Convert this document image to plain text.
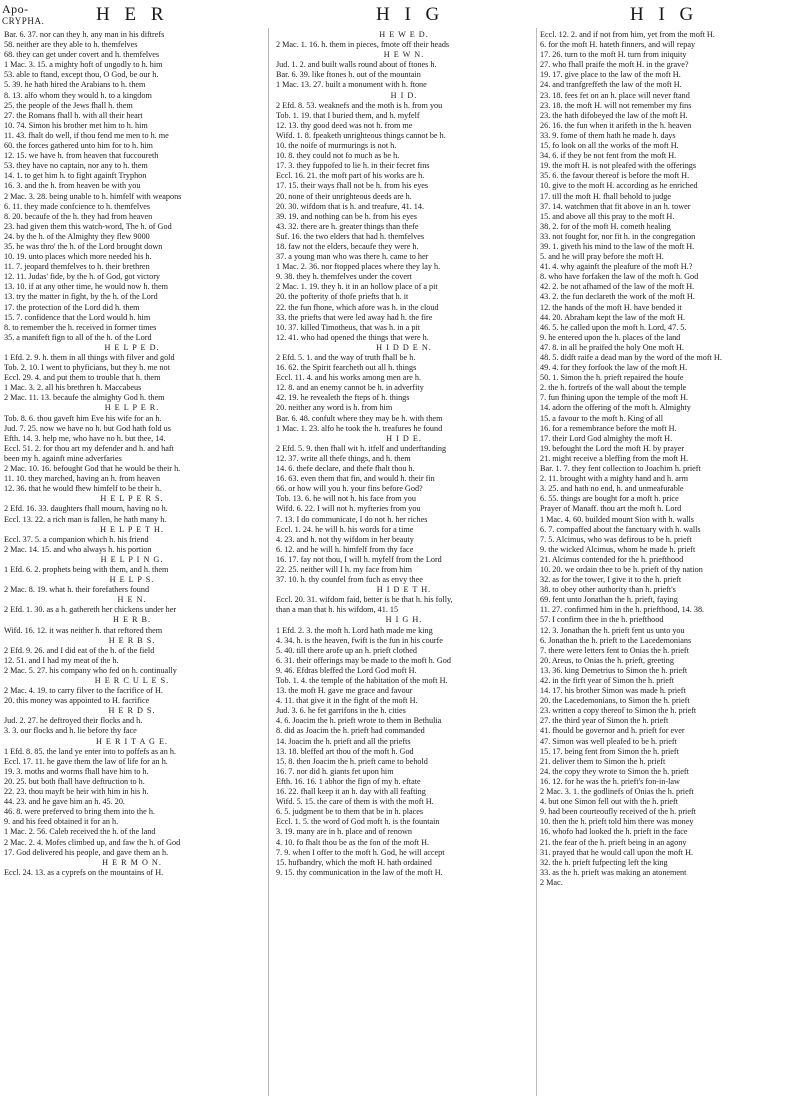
Apo-
CRYPHA.	H E R	H I G	H I G

Bar. 6. 37. nor can they h. any man in his diftrefs

58. neither are they able to h. themfelves

68. they can get under covert and h. themfelves

1 Mac. 3. 15. a mighty hoft of ungodly to h. him

53. able to ftand, except thou, O God, be our h.

5. 39. he hath hired the Arabians to h. them

8. 13. alfo whom they would h. to a kingdom

25. the people of the Jews fhall h. them

27. the Romans fhall h. with all their heart

10. 74. Simon his brother met him to h. him

11. 43. fhalt do well, if thou fend me men to h. me

60. the forces gathered unto him for to h. him

12. 15. we have h. from heaven that fuccoureth

53. they have no captain, nor any to h. them

14. 1. to get him h. to fight againft Tryphon

16. 3. and the h. from heaven be with you

2 Mac. 3. 28. being unable to h. himfelf with weapons

6. 11. they made confcience to h. themfelves

8. 20. becaufe of the h. they had from heaven

23. had given them this watch-word, The h. of God

24. by the h. of the Almighty they flew 9000

35. he was thro' the h. of the Lord brought down

10. 19. unto places which more needed his h.

11. 7. jeopard themfelves to h. their brethren

12. 11. Judas' fide, by the h. of God, got victory

13. 10. if at any other time, he would now h. them

13. try the matter in fight, by the h. of the Lord

17. the protection of the Lord did h. them

15. 7. confidence that the Lord would h. him

8. to remember the h. received in former times

35. a manifeft fign to all of the h. of the Lord

H E L P E D.

1 Efd. 2. 9. h. them in all things with filver and gold

Tob. 2. 10. I went to phyficians, but they h. me not

Eccl. 29. 4. and put them to trouble that h. them

1 Mac. 3. 2. all his brethren h. Maccabeus

2 Mac. 11. 13. becaufe the almighty God h. them

H E L P E R.

Tob. 8. 6. thou gaveft him Eve his wife for an h.

Jud. 7. 25. now we have no h. but God hath fold us

Efth. 14. 3. help me, who have no h. but thee, 14.

Eccl. 51. 2. for thou art my defender and h. and haft

been my h. againft mine adverfaries

2 Mac. 10. 16. befought God that he would be their h.

11. 10. they marched, having an h. from heaven

12. 36. that he would fhew himfelf to be their h.

H E L P E R S.

2 Efd. 16. 33. daughters fhall mourn, having no h.

Eccl. 13. 22. a rich man is fallen, he hath many h.

H E L P E T H.

Eccl. 37. 5. a companion which h. his friend

2 Mac. 14. 15. and who always h. his portion

H E L P I N G.

1 Efd. 6. 2. prophets being with them, and h. them

H E L P S.

2 Mac. 8. 19. what h. their forefathers found

H E N.

2 Efd. 1. 30. as a h. gathereth her chickens under her

H E R B.

Wifd. 16. 12. it was neither h. that reftored them

H E R B S.

2 Efd. 9. 26. and I did eat of the h. of the field

12. 51. and I had my meat of the h.

2 Mac. 5. 27. his company who fed on h. continually

H E R C U L E S.

2 Mac. 4. 19. to carry filver to the facrifice of H.

20. this money was appointed to H. facrifice

H E R D S.

Jud. 2. 27. he deftroyed their flocks and h.

3. 3. our flocks and h. lie before thy face

H E R I T A G E.

1 Efd. 8. 85. the land ye enter into to poffefs as an h.

Eccl. 17. 11. he gave them the law of life for an h.

19. 3. moths and worms fhall have him to h.

20. 25. but both fhall have deftruction to h.

22. 23. thou mayft be heir with him in his h.

44. 23. and he gave him an h. 45. 20.

46. 8. were preferved to bring them into the h.

9. and his feed obtained it for an h.

1 Mac. 2. 56. Caleb received the h. of the land

2 Mac. 2. 4. Mofes climbed up, and faw the h. of God

17. God delivered his people, and gave them an h.

H E R M O N.

Eccl. 24. 13. as a cyprefs on the mountains of H.

H E W E D.

2 Mac. 1. 16. h. them in pieces, fmote off their heads

H E W N.

Jud. 1. 2. and built walls round about of ftones h.

Bar. 6. 39. like ftones h. out of the mountain

1 Mac. 13. 27. built a monument with h. ftone

H I D.

2 Efd. 8. 53. weaknefs and the moth is h. from you

Tob. 1. 19. that I buried them, and h. myfelf

12. 13. thy good deed was not h. from me

Wifd. 1. 8. fpeaketh unrighteous things cannot be h.

10. the noife of murmurings is not h.

10. 8. they could not fo much as be h.

17. 3. they fuppofed to lie h. in their fecret fins

Eccl. 16. 21. the moft part of his works are h.

17. 15. their ways fhall not be h. from his eyes

20. none of their unrighteous deeds are h.

20. 30. wifdom that is h. and treafure, 41. 14.

39. 19. and nothing can be h. from his eyes

43. 32. there are h. greater things than thefe

Suf. 16. the two elders that had h. themfelves

18. faw not the elders, becaufe they were h.

37. a young man who was there h. came to her

1 Mac. 2. 36. nor ftopped places where they lay h.

9. 38. they h. themfelves under the covert

2 Mac. 1. 19. they h. it in an hollow place of a pit

20. the pofterity of thofe priefts that h. it

22. the fun fhone, which afore was h. in the cloud

33. the priefts that were led away had h. the fire

10. 37. killed Timotheus, that was h. in a pit

12. 41. who had opened the things that were h.

H I D D E N.

2 Efd. 5. 1. and the way of truth fhall be h.

16. 62. the Spirit fearcheth out all h. things

Eccl. 11. 4. and his works among men are h.

12. 8. and an enemy cannot be h. in adverfity

42. 19. he revealeth the fteps of h. things

20. neither any word is h. from him

Bar. 6. 48. confult where they may be h. with them

1 Mac. 1. 23. alfo he took the h. treafures he found

H I D E.

2 Efd. 5. 9. then fhall wit h. itfelf and underftanding

12. 37. write all thefe things, and h. them

14. 6. thefe declare, and thefe fhalt thou h.

16. 63. even them that fin, and would h. their fin

66. or how will you h. your fins before God?

Tob. 13. 6. he will not h. his face from you

Wifd. 6. 22. I will not h. myfteries from you

7. 13. I do communicate, I do not h. her riches

Eccl. 1. 24. he will h. his words for a time

4. 23. and h. not thy wifdom in her beauty

6. 12. and he will h. himfelf from thy face

16. 17. fay not thou, I will h. myfelf from the Lord

22. 25. neither will I h. my face from him

37. 10. h. thy counfel from fuch as envy thee

H I D E T H.

Eccl. 20. 31. wifdom faid, better is he that h. his folly,

than a man that h. his wifdom, 41. 15

H I G H.

1 Efd. 2. 3. the moft h. Lord hath made me king

4. 34. h. is the heaven, fwift is the fun in his courfe

5. 40. till there arofe up an h. prieft clothed

6. 31. their offerings may be made to the moft h. God

9. 46. Efdras bleffed the Lord God moft H.

Tob. 1. 4. the temple of the habitation of the moft H.

13. the moft H. gave me grace and favour

4. 11. that give it in the fight of the moft H.

Jud. 3. 6. he fet garrifons in the h. cities

4. 6. Joacim the h. prieft wrote to them in Bethulia

8. did as Joacim the h. prieft had commanded

14. Joacim the h. prieft and all the priefts

13. 18. bleffed art thou of the moft h. God

15. 8. then Joacim the h. prieft came to behold

16. 7. nor did h. giants fet upon him

Efth. 16. 16. 1 abhor the fign of my h. eftate

16. 22. fhall keep it an h. day with all feafting

Wifd. 5. 15. the care of them is with the moft H.

6. 5. judgment be to them that be in h. places

Eccl. 1. 5. the word of God moft h. is the fountain

3. 19. many are in h. place and of renown

4. 10. fo fhalt thou be as the fon of the moft H.

7. 9. when I offer to the moft h. God, he will accept

15. hufbandry, which the moft H. hath ordained

9. 15. thy communication in the law of the moft H.

Eccl. 12. 2. and if not from him, yet from the moft H.

6. for the moft H. hateth finners, and will repay

17. 26. turn to the moft H. turn from iniquity

27. who fhall praife the moft H. in the grave?

19. 17. give place to the law of the moft H.

24. and tranfgreffeth the law of the moft H.

23. 18. fees fet on an h. place will never ftand

23. 18. the moft H. will not remember my fins

23. the hath difobeyed the law of the moft H.

26. 16. the fun when it arifeth in the h. heaven

33. 9. fome of them hath he made h. days

15. fo look on all the works of the moft H.

34. 6. if they be not fent from the moft H.

19. the moft H. is not pleafed with the offerings

35. 6. the favour thereof is before the moft H.

10. give to the moft H. according as he enriched

17. till the moft H. fhall behold to judge

37. 14. watchmen that fit above in an h. tower

15. and above all this pray to the moft H.

38. 2. for of the moft H. cometh healing

33. not fought for, nor fit h. in the congregation

39. 1. giveth his mind to the law of the moft H.

5. and he will pray before the moft H.

41. 4. why againft the pleafure of the moft H.?

8. who have forfaken the law of the moft h. God

42. 2. be not afhamed of the law of the moft H.

43. 2. the fun declareth the work of the moft H.

12. the hands of the moft H. have bended it

44. 20. Abraham kept the law of the moft H.

46. 5. he called upon the moft h. Lord, 47. 5.

9. he entered upon the h. places of the land

47. 8. in all he praifed the holy One moft H.

48. 5. didft raife a dead man by the word of the moft H.

49. 4. for they forfook the law of the moft H.

50. 1. Simon the h. prieft repaired the houfe

2. the h. fortrefs of the wall about the temple

7. fun fhining upon the temple of the moft H.

14. adorn the offering of the moft h. Almighty

15. a favour to the moft h. King of all

16. for a remembrance before the moft H.

17. their Lord God almighty the moft H.

19. befought the Lord the moft H. by prayer

21. might receive a bleffing from the moft H.

Bar. 1. 7. they fent collection to Joachim h. prieft

2. 11. brought with a mighty hand and h. arm

3. 25. and hath no end, h. and unmeafurable

6. 55. things are bought for a moft h. price

Prayer of Manaff. thou art the moft h. Lord

1 Mac. 4. 60. builded mount Sion with h. walls

6. 7. compaffed about the fanctuary with h. walls

7. 5. Alcimus, who was defirous to be h. prieft

9. the wicked Alcimus, whom he made h. prieft

21. Alcimus contended for the h. priefthood

10. 20. we ordain thee to be h. prieft of thy nation

32. as for the tower, I give it to the h. prieft

38. to obey other authority than h. prieft's

69. fent unto Jonathan the h. prieft, faying

11. 27. confirmed him in the h. priefthood, 14. 38.

57. I confirm thee in the h. priefthood

12. 3. Jonathan the h. prieft fent us unto you

6. Jonathan the h. prieft to the Lacedemonians

7. there were letters fent to Onias the h. prieft

20. Areus, to Onias the h. prieft, greeting

13. 36. king Demetrius to Simon the h. prieft

42. in the firft year of Simon the h. prieft

14. 17. his brother Simon was made h. prieft

20. the Lacedemonians, to Simon the h. prieft

23. written a copy thereof to Simon the h. prieft

27. the third year of Simon the h. prieft

41. fhould be governor and h. prieft for ever

47. Simon was well pleafed to be h. prieft

15. 17. being fent from Simon the h. prieft

21. deliver them to Simon the h. prieft

24. the copy they wrote to Simon the h. prieft

16. 12. for he was the h. prieft's fon-in-law

2 Mac. 3. 1. the godlinefs of Onias the h. prieft

4. but one Simon fell out with the h. prieft

9. had been courteoufly received of the h. prieft

10. then the h. prieft told him there was money

16. whofo had looked the h. prieft in the face

21. the fear of the h. prieft being in an agony

31. prayed that he would call upon the moft H.

32. the h. prieft fufpecting left the king

33. as the h. prieft was making an atonement

2 Mac.
